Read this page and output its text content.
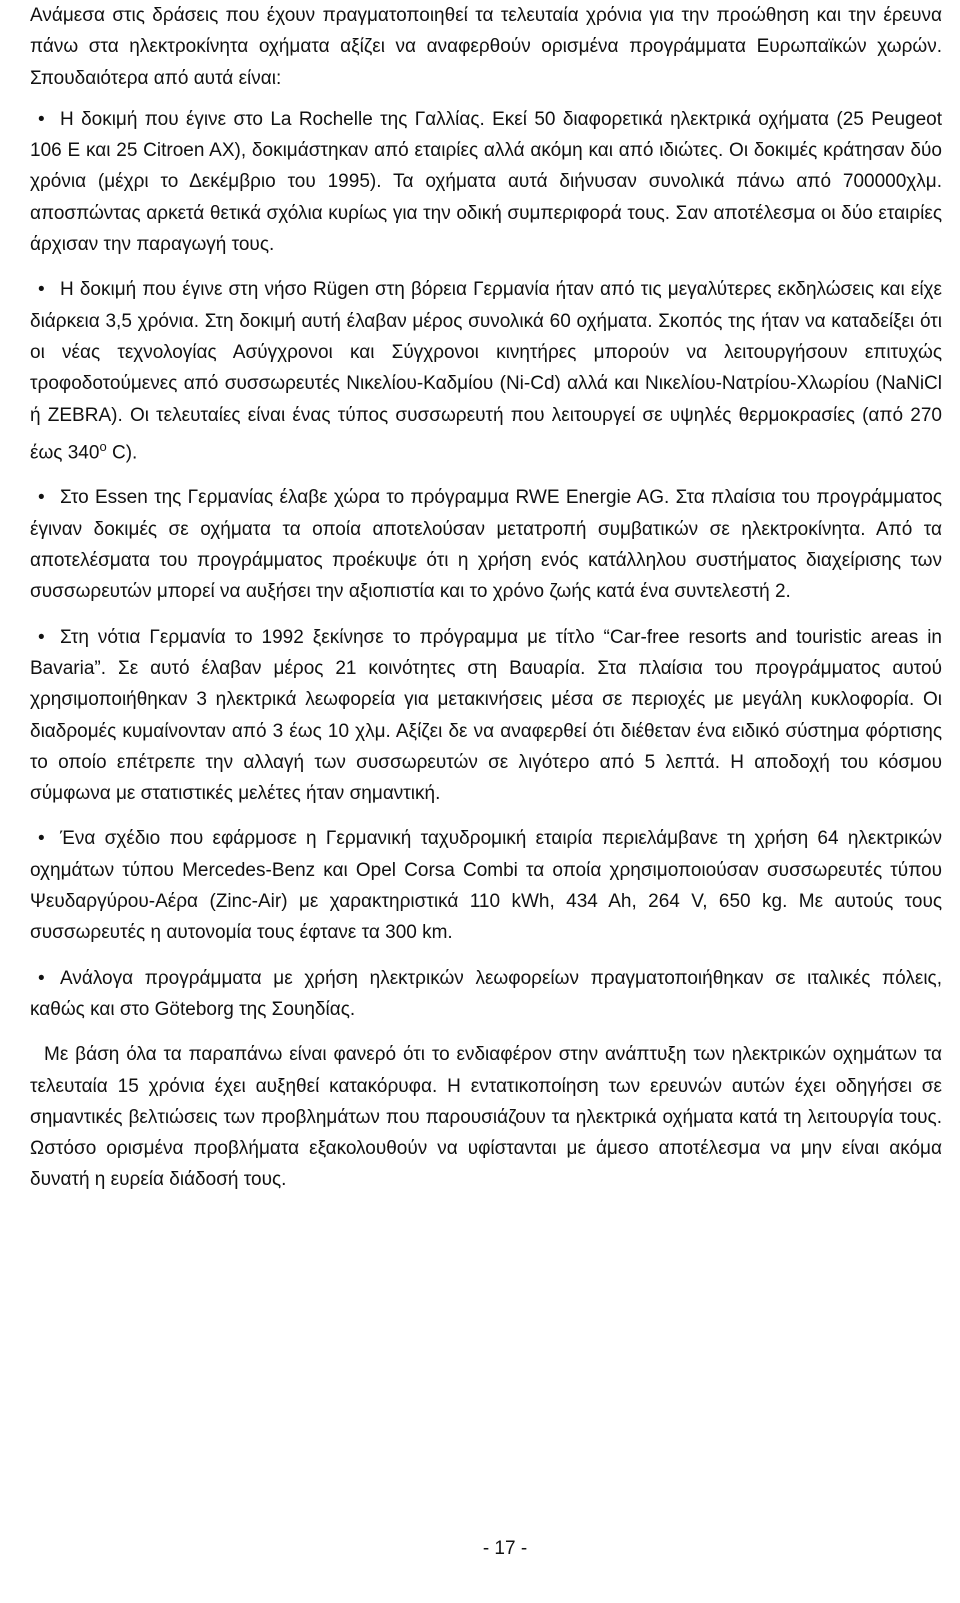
Ανάμεσα στις δράσεις που έχουν πραγματοποιηθεί τα τελευταία χρόνια για την προώθηση και την έρευνα πάνω στα ηλεκτροκίνητα οχήματα αξίζει να αναφερθούν ορισμένα προγράμματα Ευρωπαϊκών χωρών. Σπουδαιότερα από αυτά είναι:

• Η δοκιμή που έγινε στο La Rochelle της Γαλλίας. Εκεί 50 διαφορετικά ηλεκτρικά οχήματα (25 Peugeot 106 E και 25 Citroen AX), δοκιμάστηκαν από εταιρίες αλλά ακόμη και από ιδιώτες. Οι δοκιμές κράτησαν δύο χρόνια (μέχρι το Δεκέμβριο του 1995). Τα οχήματα αυτά διήνυσαν συνολικά πάνω από 700000χλμ. αποσπώντας αρκετά θετικά σχόλια κυρίως για την οδική συμπεριφορά τους. Σαν αποτέλεσμα οι δύο εταιρίες άρχισαν την παραγωγή τους.

• Η δοκιμή που έγινε στη νήσο Rügen στη βόρεια Γερμανία ήταν από τις μεγαλύτερες εκδηλώσεις και είχε διάρκεια 3,5 χρόνια. Στη δοκιμή αυτή έλαβαν μέρος συνολικά 60 οχήματα. Σκοπός της ήταν να καταδείξει ότι οι νέας τεχνολογίας Ασύγχρονοι και Σύγχρονοι κινητήρες μπορούν να λειτουργήσουν επιτυχώς τροφοδοτούμενες από συσσωρευτές Νικελίου-Καδμίου (Ni-Cd) αλλά και Νικελίου-Νατρίου-Χλωρίου (NaNiCl ή ZEBRA). Οι τελευταίες είναι ένας τύπος συσσωρευτή που λειτουργεί σε υψηλές θερμοκρασίες (από 270 έως $340^o$ C).

• Στο Essen της Γερμανίας έλαβε χώρα το πρόγραμμα RWE Energie AG. Στα πλαίσια του προγράμματος έγιναν δοκιμές σε οχήματα τα οποία αποτελούσαν μετατροπή συμβατικών σε ηλεκτροκίνητα. Από τα αποτελέσματα του προγράμματος προέκυψε ότι η χρήση ενός κατάλληλου συστήματος διαχείρισης των συσσωρευτών μπορεί να αυξήσει την αξιοπιστία και το χρόνο ζωής κατά ένα συντελεστή 2.

• Στη νότια Γερμανία το 1992 ξεκίνησε το πρόγραμμα με τίτλο “Car-free resorts and touristic areas in Bavaria”. Σε αυτό έλαβαν μέρος 21 κοινότητες στη Βαυαρία. Στα πλαίσια του προγράμματος αυτού χρησιμοποιήθηκαν 3 ηλεκτρικά λεωφορεία για μετακινήσεις μέσα σε περιοχές με μεγάλη κυκλοφορία. Οι διαδρομές κυμαίνονταν από 3 έως 10 χλμ. Αξίζει δε να αναφερθεί ότι διέθεταν ένα ειδικό σύστημα φόρτισης το οποίο επέτρεπε την αλλαγή των συσσωρευτών σε λιγότερο από 5 λεπτά. Η αποδοχή του κόσμου σύμφωνα με στατιστικές μελέτες ήταν σημαντική.

• Ένα σχέδιο που εφάρμοσε η Γερμανική ταχυδρομική εταιρία περιελάμβανε τη χρήση 64 ηλεκτρικών οχημάτων τύπου Mercedes-Benz και Opel Corsa Combi τα οποία χρησιμοποιούσαν συσσωρευτές τύπου Ψευδαργύρου-Αέρα (Zinc-Air) με χαρακτηριστικά 110 kWh, 434 Ah, 264 V, 650 kg. Με αυτούς τους συσσωρευτές η αυτονομία τους έφτανε τα 300 km.

• Ανάλογα προγράμματα με χρήση ηλεκτρικών λεωφορείων πραγματοποιήθηκαν σε ιταλικές πόλεις, καθώς και στο Göteborg της Σουηδίας.

Με βάση όλα τα παραπάνω είναι φανερό ότι το ενδιαφέρον στην ανάπτυξη των ηλεκτρικών οχημάτων τα τελευταία 15 χρόνια έχει αυξηθεί κατακόρυφα. Η εντατικοποίηση των ερευνών αυτών έχει οδηγήσει σε σημαντικές βελτιώσεις των προβλημάτων που παρουσιάζουν τα ηλεκτρικά οχήματα κατά τη λειτουργία τους. Ωστόσο ορισμένα προβλήματα εξακολουθούν να υφίστανται με άμεσο αποτέλεσμα να μην είναι ακόμα δυνατή η ευρεία διάδοσή τους.

- 17 -
